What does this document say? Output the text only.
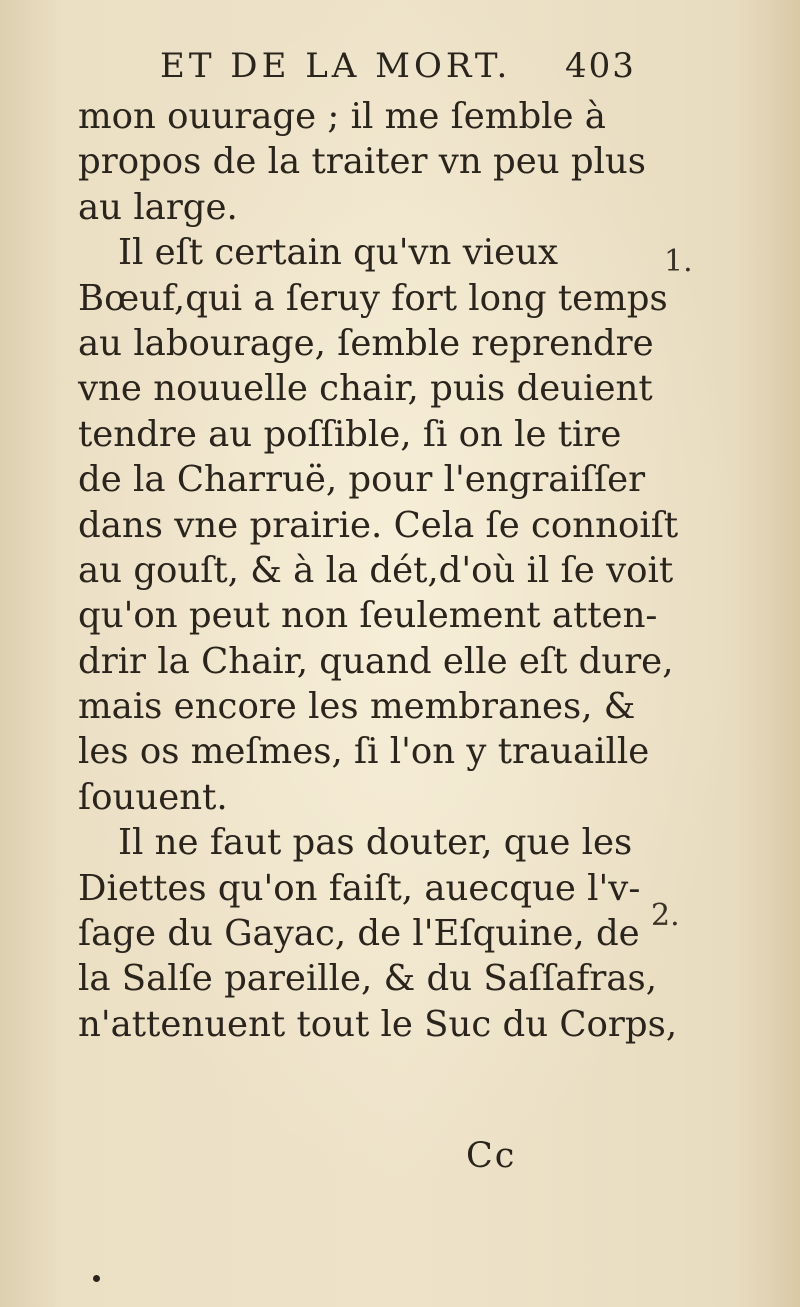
ET DE LA MORT. 403
mon ouurage ; il me ſemble à
propos de la traiter vn peu plus
au large.
Il eſt certain qu'vn vieux
Bœuf,qui a ſeruy fort long temps
au labourage, ſemble reprendre
vne nouuelle chair, puis deuient
tendre au poſſible, ſi on le tire
de la Charruë, pour l'engraiſſer
dans vne prairie. Cela ſe connoiſt
au gouſt, & à la dét,d'où il ſe voit
qu'on peut non ſeulement atten-
drir la Chair, quand elle eſt dure,
mais encore les membranes, &
les os meſmes, ſi l'on y trauaille
ſouuent.
Il ne faut pas douter, que les
Diettes qu'on faiſt, auecque l'v-
ſage du Gayac, de l'Eſquine, de
la Salſe pareille, & du Saſſafras,
n'attenuent tout le Suc du Corps,
1.
2.
Cc
